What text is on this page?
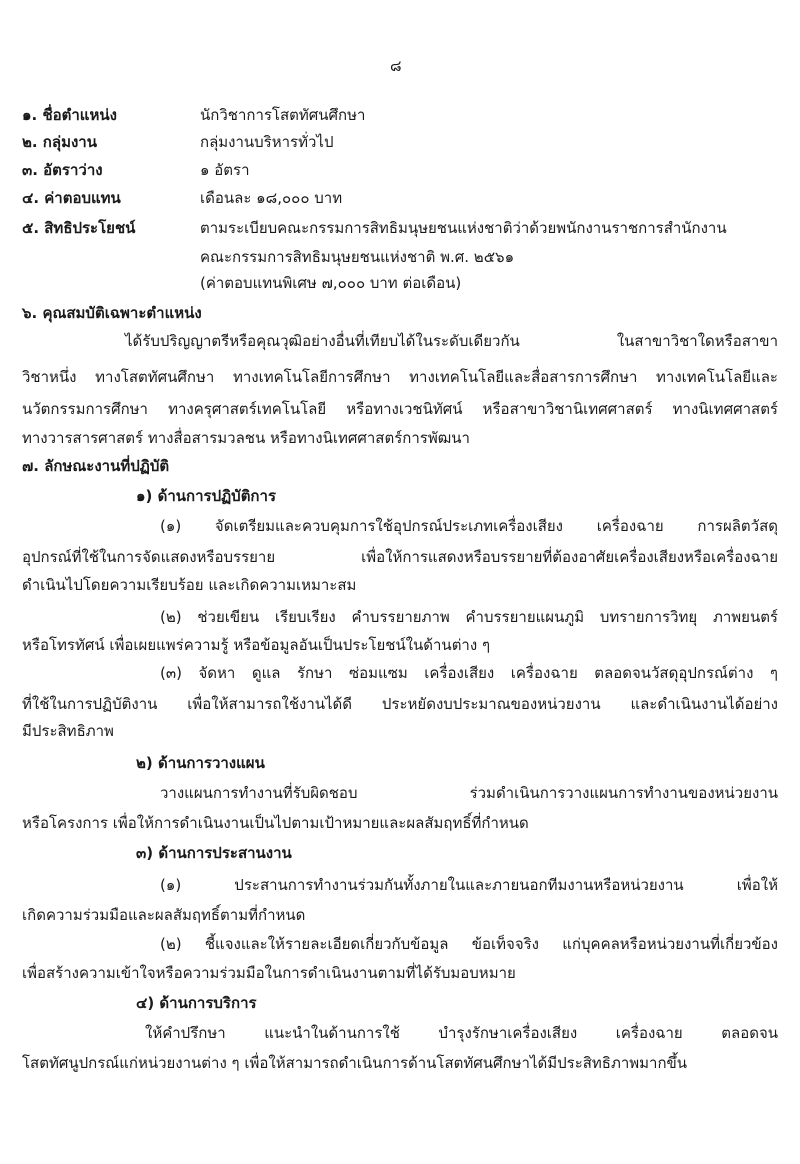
๘
๑. ชื่อตำแหน่ง	นักวิชาการโสตทัศนศึกษา
๒. กลุ่มงาน	กลุ่มงานบริหารทั่วไป
๓. อัตราว่าง	๑ อัตรา
๔. ค่าตอบแทน	เดือนละ ๑๘,๐๐๐ บาท
๕. สิทธิประโยชน์	ตามระเบียบคณะกรรมการสิทธิมนุษยชนแห่งชาติว่าด้วยพนักงานราชการสำนักงาน
คณะกรรมการสิทธิมนุษยชนแห่งชาติ พ.ศ. ๒๕๖๑
(ค่าตอบแทนพิเศษ ๗,๐๐๐ บาท ต่อเดือน)
๖. คุณสมบัติเฉพาะตำแหน่ง
ได้รับปริญญาตรีหรือคุณวุฒิอย่างอื่นที่เทียบได้ในระดับเดียวกัน ในสาขาวิชาใดหรือสาขา
วิชาหนึ่ง ทางโสตทัศนศึกษา ทางเทคโนโลยีการศึกษา ทางเทคโนโลยีและสื่อสารการศึกษา ทางเทคโนโลยีและ
นวัตกรรมการศึกษา ทางครุศาสตร์เทคโนโลยี หรือทางเวชนิทัศน์ หรือสาขาวิชานิเทศศาสตร์ ทางนิเทศศาสตร์
ทางวารสารศาสตร์ ทางสื่อสารมวลชน หรือทางนิเทศศาสตร์การพัฒนา
๗. ลักษณะงานที่ปฏิบัติ
๑) ด้านการปฏิบัติการ
(๑) จัดเตรียมและควบคุมการใช้อุปกรณ์ประเภทเครื่องเสียง เครื่องฉาย การผลิตวัสดุ
อุปกรณ์ที่ใช้ในการจัดแสดงหรือบรรยาย เพื่อให้การแสดงหรือบรรยายที่ต้องอาศัยเครื่องเสียงหรือเครื่องฉาย
ดำเนินไปโดยความเรียบร้อย และเกิดความเหมาะสม
(๒) ช่วยเขียน เรียบเรียง คำบรรยายภาพ คำบรรยายแผนภูมิ บทรายการวิทยุ ภาพยนตร์
หรือโทรทัศน์ เพื่อเผยแพร่ความรู้ หรือข้อมูลอันเป็นประโยชน์ในด้านต่าง ๆ
(๓) จัดหา ดูแล รักษา ซ่อมแซม เครื่องเสียง เครื่องฉาย ตลอดจนวัสดุอุปกรณ์ต่าง ๆ
ที่ใช้ในการปฏิบัติงาน เพื่อให้สามารถใช้งานได้ดี ประหยัดงบประมาณของหน่วยงาน และดำเนินงานได้อย่าง
มีประสิทธิภาพ
๒) ด้านการวางแผน
วางแผนการทำงานที่รับผิดชอบ ร่วมดำเนินการวางแผนการทำงานของหน่วยงาน
หรือโครงการ เพื่อให้การดำเนินงานเป็นไปตามเป้าหมายและผลสัมฤทธิ์ที่กำหนด
๓) ด้านการประสานงาน
(๑) ประสานการทำงานร่วมกันทั้งภายในและภายนอกทีมงานหรือหน่วยงาน เพื่อให้
เกิดความร่วมมือและผลสัมฤทธิ์ตามที่กำหนด
(๒) ชี้แจงและให้รายละเอียดเกี่ยวกับข้อมูล ข้อเท็จจริง แก่บุคคลหรือหน่วยงานที่เกี่ยวข้อง
เพื่อสร้างความเข้าใจหรือความร่วมมือในการดำเนินงานตามที่ได้รับมอบหมาย
๔) ด้านการบริการ
ให้คำปรึกษา แนะนำในด้านการใช้ บำรุงรักษาเครื่องเสียง เครื่องฉาย ตลอดจน
โสตทัศนูปกรณ์แก่หน่วยงานต่าง ๆ เพื่อให้สามารถดำเนินการด้านโสตทัศนศึกษาได้มีประสิทธิภาพมากขึ้น
